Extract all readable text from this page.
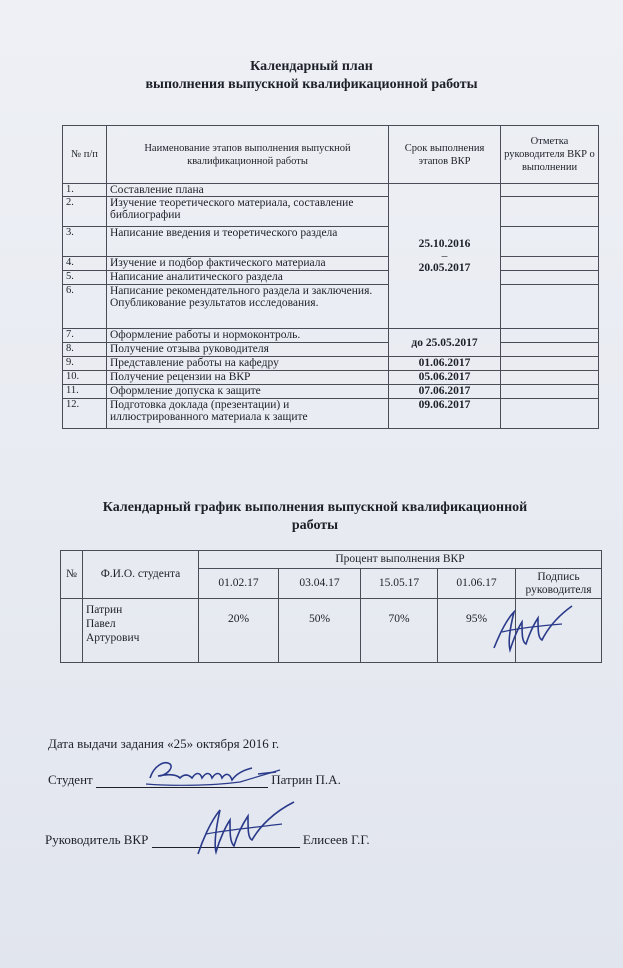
Календарный план
выполнения выпускной квалификационной работы
№ п/п	Наименование этапов выполнения выпускной квалификационной работы	Срок выполнения этапов ВКР	Отметка руководителя ВКР о выполнении
1.	Составление плана	25.10.2016
–
20.05.2017	

2.	Изучение теоретического материала, составление библиографии		
3.	Написание введения и теоретического раздела		
4.	Изучение и подбор фактического материала		
5.	Написание аналитического раздела		
6.	Написание рекомендательного раздела и заключения. Опубликование результатов исследования.		
7.	Оформление работы и нормоконтроль.	до 25.05.2017	
8.	Получение отзыва руководителя		
9.	Представление работы на кафедру	01.06.2017	
10.	Получение рецензии на ВКР	05.06.2017	
11.	Оформление допуска к защите	07.06.2017	
12.	Подготовка доклада (презентации) и иллюстрированного материала к защите	09.06.2017	
Календарный график выполнения выпускной квалификационной
работы
№	Ф.И.О. студента	Процент выполнения ВКР				
		01.02.17	03.04.17	15.05.17	01.06.17	Подпись руководителя

	Патрин
Павел
Артурович	20%	50%	70%	95%	
Дата выдачи задания «25» октября 2016 г.
Студент	Патрин П.А.
Руководитель ВКР	Елисеев Г.Г.
